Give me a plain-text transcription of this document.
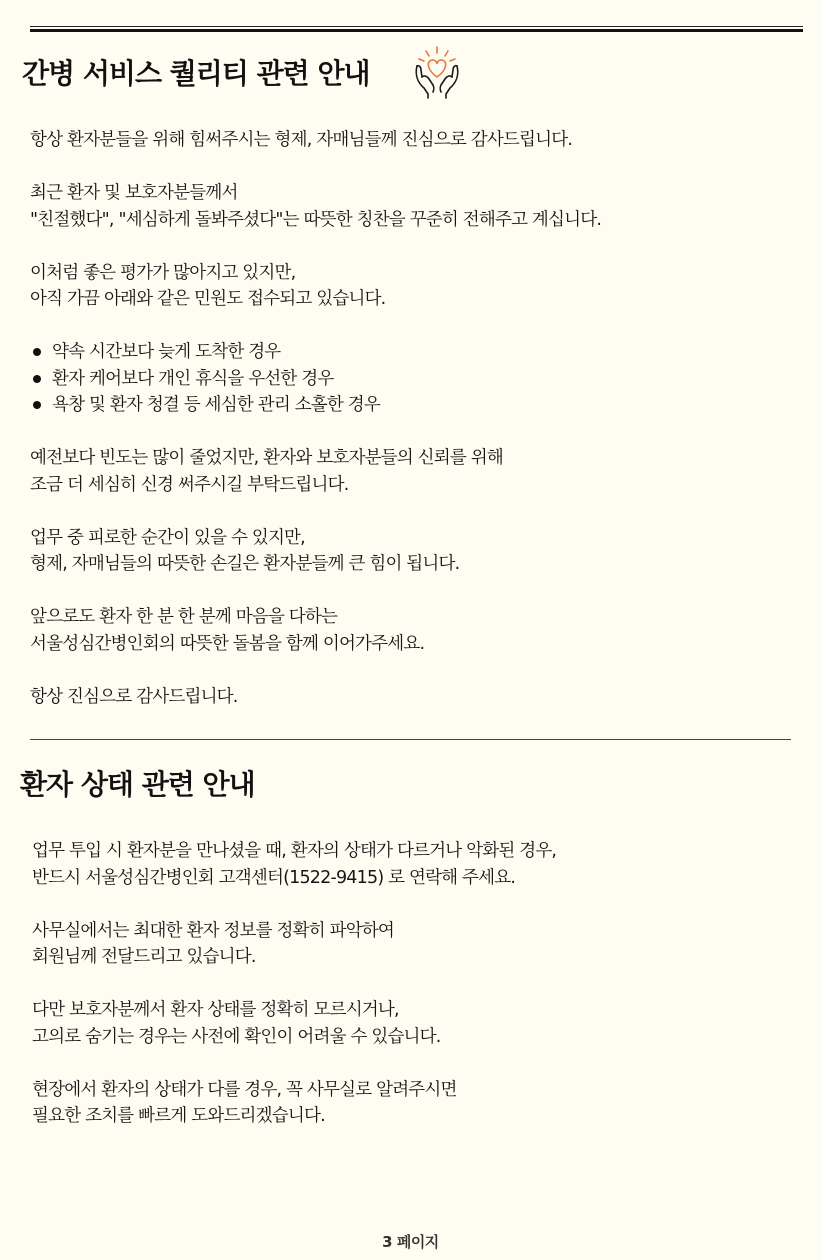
간병 서비스 퀄리티 관련 안내

항상 환자분들을 위해 힘써주시는 형제, 자매님들께 진심으로 감사드립니다.

최근 환자 및 보호자분들께서
"친절했다", "세심하게 돌봐주셨다"는 따뜻한 칭찬을 꾸준히 전해주고 계십니다.

이처럼 좋은 평가가 많아지고 있지만,
아직 가끔 아래와 같은 민원도 접수되고 있습니다.

약속 시간보다 늦게 도착한 경우
환자 케어보다 개인 휴식을 우선한 경우
욕창 및 환자 청결 등 세심한 관리 소홀한 경우

예전보다 빈도는 많이 줄었지만, 환자와 보호자분들의 신뢰를 위해
조금 더 세심히 신경 써주시길 부탁드립니다.

업무 중 피로한 순간이 있을 수 있지만,
형제, 자매님들의 따뜻한 손길은 환자분들께 큰 힘이 됩니다.

앞으로도 환자 한 분 한 분께 마음을 다하는
서울성심간병인회의 따뜻한 돌봄을 함께 이어가주세요.

항상 진심으로 감사드립니다.

환자 상태 관련 안내

업무 투입 시 환자분을 만나셨을 때, 환자의 상태가 다르거나 악화된 경우,
반드시 서울성심간병인회 고객센터(1522-9415) 로 연락해 주세요.

사무실에서는 최대한 환자 정보를 정확히 파악하여
회원님께 전달드리고 있습니다.

다만 보호자분께서 환자 상태를 정확히 모르시거나,
고의로 숨기는 경우는 사전에 확인이 어려울 수 있습니다.

현장에서 환자의 상태가 다를 경우, 꼭 사무실로 알려주시면
필요한 조치를 빠르게 도와드리겠습니다.

3 페이지
